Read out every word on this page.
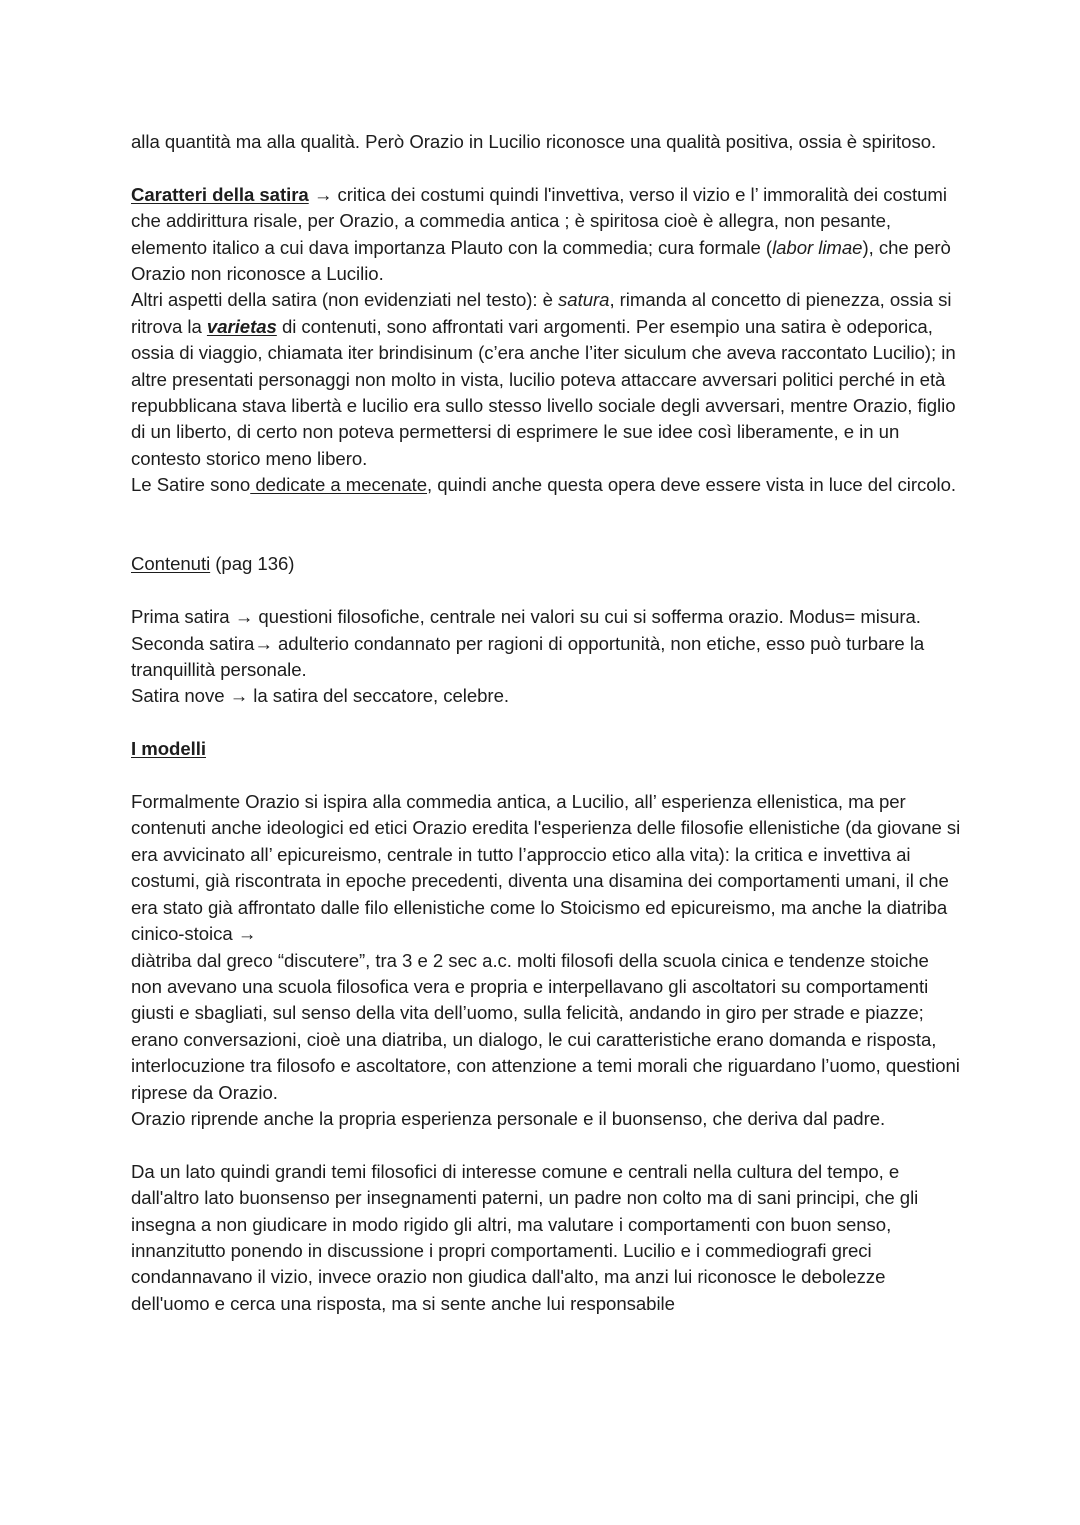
alla quantità ma alla qualità. Però Orazio in Lucilio riconosce una qualità positiva, ossia è spiritoso.

Caratteri della satira → critica dei costumi quindi l'invettiva, verso il vizio e l’ immoralità dei costumi che addirittura risale, per Orazio, a commedia antica ; è spiritosa cioè è allegra, non pesante, elemento italico a cui dava importanza Plauto con la commedia; cura formale (labor limae), che però Orazio non riconosce a Lucilio.

Altri aspetti della satira (non evidenziati nel testo): è satura, rimanda al concetto di pienezza, ossia si ritrova la varietas di contenuti, sono affrontati vari argomenti. Per esempio una satira è odeporica, ossia di viaggio, chiamata iter brindisinum (c’era anche l’iter siculum che aveva raccontato Lucilio); in altre presentati personaggi non molto in vista, lucilio poteva attaccare avversari politici perché in età repubblicana stava libertà e lucilio era sullo stesso livello sociale degli avversari, mentre Orazio, figlio di un liberto, di certo non poteva permettersi di esprimere le sue idee così liberamente, e in un contesto storico meno libero.

Le Satire sono dedicate a mecenate, quindi anche questa opera deve essere vista in luce del circolo.

Contenuti (pag 136)

Prima satira → questioni filosofiche, centrale nei valori su cui si sofferma orazio. Modus= misura.

Seconda satira→ adulterio condannato per ragioni di opportunità, non etiche, esso può turbare la tranquillità personale.

Satira nove → la satira del seccatore, celebre.

I modelli

Formalmente Orazio si ispira alla commedia antica, a Lucilio, all’ esperienza ellenistica, ma per contenuti anche ideologici ed etici Orazio eredita l'esperienza delle filosofie ellenistiche (da giovane si era avvicinato all’ epicureismo, centrale in tutto l’approccio etico alla vita): la critica e invettiva ai costumi, già riscontrata in epoche precedenti, diventa una disamina dei comportamenti umani, il che era stato già affrontato dalle filo ellenistiche come lo Stoicismo ed epicureismo, ma anche la diatriba cinico-stoica →

diàtriba dal greco “discutere”, tra 3 e 2 sec a.c. molti filosofi della scuola cinica e tendenze stoiche non avevano una scuola filosofica vera e propria e interpellavano gli ascoltatori su comportamenti giusti e sbagliati, sul senso della vita dell’uomo, sulla felicità, andando in giro per strade e piazze; erano conversazioni, cioè una diatriba, un dialogo, le cui caratteristiche erano domanda e risposta, interlocuzione tra filosofo e ascoltatore, con attenzione a temi morali che riguardano l’uomo, questioni riprese da Orazio.

Orazio riprende anche la propria esperienza personale e il buonsenso, che deriva dal padre.

Da un lato quindi grandi temi filosofici di interesse comune e centrali nella cultura del tempo, e dall'altro lato buonsenso per insegnamenti paterni, un padre non colto ma di sani principi, che gli insegna a non giudicare in modo rigido gli altri, ma valutare i comportamenti con buon senso, innanzitutto ponendo in discussione i propri comportamenti. Lucilio e i commediografi greci condannavano il vizio, invece orazio non giudica dall'alto, ma anzi lui riconosce le debolezze dell'uomo e cerca una risposta, ma si sente anche lui responsabile
